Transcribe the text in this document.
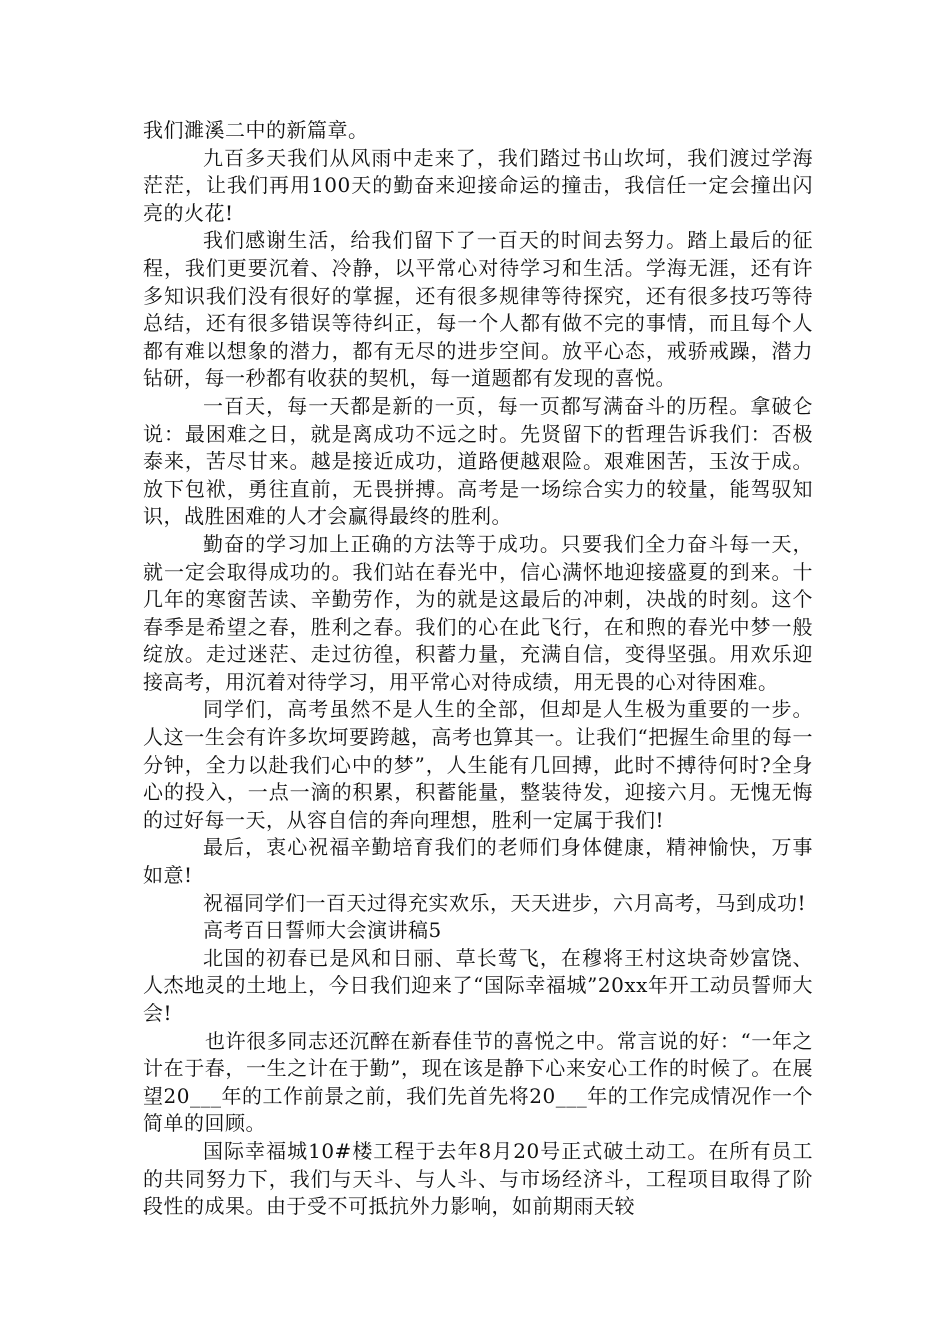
我们濉溪二中的新篇章。

九百多天我们从风雨中走来了，我们踏过书山坎坷，我们渡过学海茫茫，让我们再用100天的勤奋来迎接命运的撞击，我信任一定会撞出闪亮的火花!

我们感谢生活，给我们留下了一百天的时间去努力。踏上最后的征程，我们更要沉着、冷静，以平常心对待学习和生活。学海无涯，还有许多知识我们没有很好的掌握，还有很多规律等待探究，还有很多技巧等待总结，还有很多错误等待纠正，每一个人都有做不完的事情，而且每个人都有难以想象的潜力，都有无尽的进步空间。放平心态，戒骄戒躁，潜力钻研，每一秒都有收获的契机，每一道题都有发现的喜悦。

一百天，每一天都是新的一页，每一页都写满奋斗的历程。拿破仑说：最困难之日，就是离成功不远之时。先贤留下的哲理告诉我们：否极泰来，苦尽甘来。越是接近成功，道路便越艰险。艰难困苦，玉汝于成。放下包袱，勇往直前，无畏拼搏。高考是一场综合实力的较量，能驾驭知识，战胜困难的人才会赢得最终的胜利。

勤奋的学习加上正确的方法等于成功。只要我们全力奋斗每一天，就一定会取得成功的。我们站在春光中，信心满怀地迎接盛夏的到来。十几年的寒窗苦读、辛勤劳作，为的就是这最后的冲刺，决战的时刻。这个春季是希望之春，胜利之春。我们的心在此飞行，在和煦的春光中梦一般绽放。走过迷茫、走过彷徨，积蓄力量，充满自信，变得坚强。用欢乐迎接高考，用沉着对待学习，用平常心对待成绩，用无畏的心对待困难。

同学们，高考虽然不是人生的全部，但却是人生极为重要的一步。人这一生会有许多坎坷要跨越，高考也算其一。让我们“把握生命里的每一分钟，全力以赴我们心中的梦”，人生能有几回搏，此时不搏待何时?全身心的投入，一点一滴的积累，积蓄能量，整装待发，迎接六月。无愧无悔的过好每一天，从容自信的奔向理想，胜利一定属于我们!

最后，衷心祝福辛勤培育我们的老师们身体健康，精神愉快，万事如意!

祝福同学们一百天过得充实欢乐，天天进步，六月高考，马到成功!

高考百日誓师大会演讲稿5

北国的初春已是风和日丽、草长莺飞，在穆将王村这块奇妙富饶、人杰地灵的土地上，今日我们迎来了“国际幸福城”20xx年开工动员誓师大会!

也许很多同志还沉醉在新春佳节的喜悦之中。常言说的好：“一年之计在于春，一生之计在于勤”，现在该是静下心来安心工作的时候了。在展望20___年的工作前景之前，我们先首先将20___年的工作完成情况作一个简单的回顾。

国际幸福城10#楼工程于去年8月20号正式破土动工。在所有员工的共同努力下，我们与天斗、与人斗、与市场经济斗，工程项目取得了阶段性的成果。由于受不可抵抗外力影响，如前期雨天较
